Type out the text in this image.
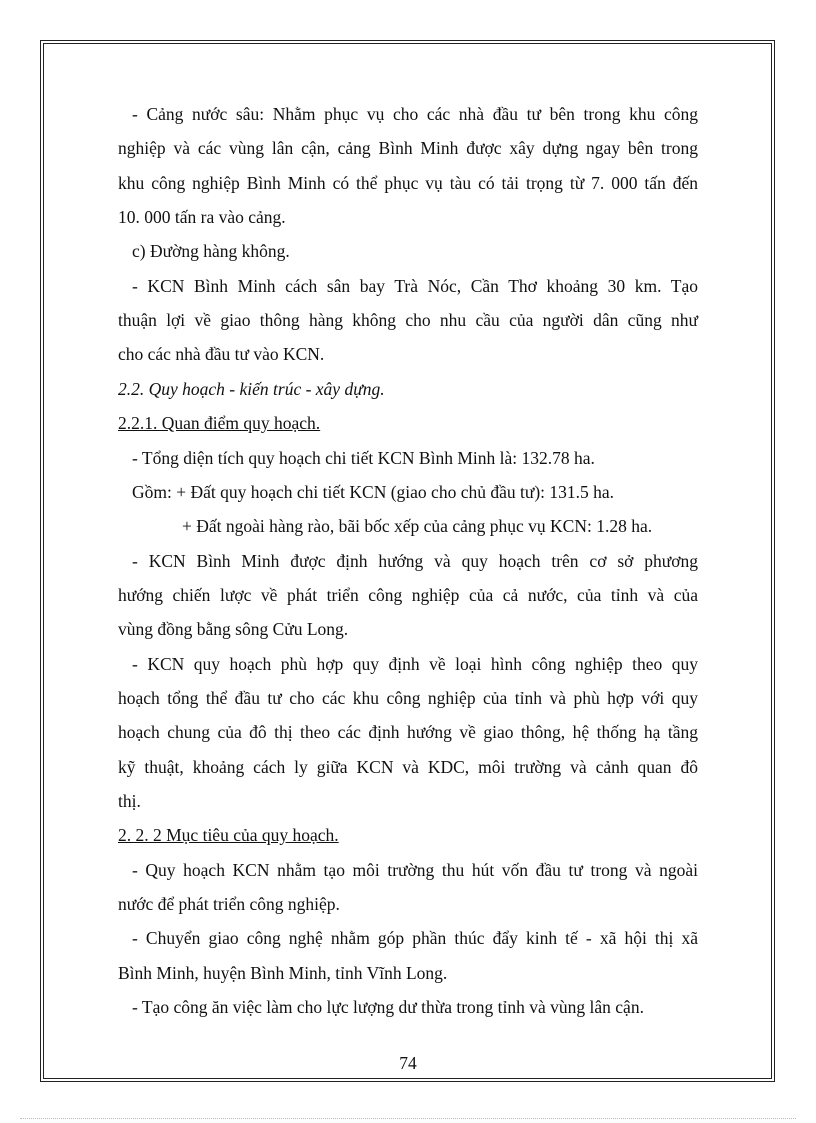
- Cảng nước sâu: Nhằm phục vụ cho các nhà đầu tư bên trong khu công
nghiệp và các vùng lân cận, cảng Bình Minh được xây dựng ngay bên trong
khu công nghiệp Bình Minh có thể phục vụ tàu có tải trọng từ 7. 000 tấn đến
10. 000 tấn ra vào cảng.
c) Đường hàng không.
- KCN Bình Minh cách sân bay Trà Nóc, Cần Thơ khoảng 30 km. Tạo
thuận lợi về giao thông hàng không cho nhu cầu của người dân cũng như
cho các nhà đầu tư vào KCN.
2.2. Quy hoạch - kiến trúc - xây dựng.
2.2.1. Quan điểm quy hoạch.
- Tổng diện tích quy hoạch chi tiết KCN Bình Minh là: 132.78 ha.
Gồm: + Đất quy hoạch chi tiết KCN (giao cho chủ đầu tư): 131.5 ha.
+ Đất ngoài hàng rào, bãi bốc xếp của cảng phục vụ KCN: 1.28 ha.
- KCN Bình Minh được định hướng và quy hoạch trên cơ sở phương
hướng chiến lược về phát triển công nghiệp của cả nước, của tỉnh và của
vùng đồng bằng sông Cửu Long.
- KCN quy hoạch phù hợp quy định về loại hình công nghiệp theo quy
hoạch tổng thể đầu tư cho các khu công nghiệp của tỉnh và phù hợp với quy
hoạch chung của đô thị theo các định hướng về giao thông, hệ thống hạ tầng
kỹ thuật, khoảng cách ly giữa KCN và KDC, môi trường và cảnh quan đô
thị.
2. 2. 2 Mục tiêu của quy hoạch.
- Quy hoạch KCN nhằm tạo môi trường thu hút vốn đầu tư trong và ngoài
nước để phát triển công nghiệp.
- Chuyển giao công nghệ nhằm góp phần thúc đẩy kinh tế - xã hội thị xã
Bình Minh, huyện Bình Minh, tỉnh Vĩnh Long.
- Tạo công ăn việc làm cho lực lượng dư thừa trong tỉnh và vùng lân cận.
74
